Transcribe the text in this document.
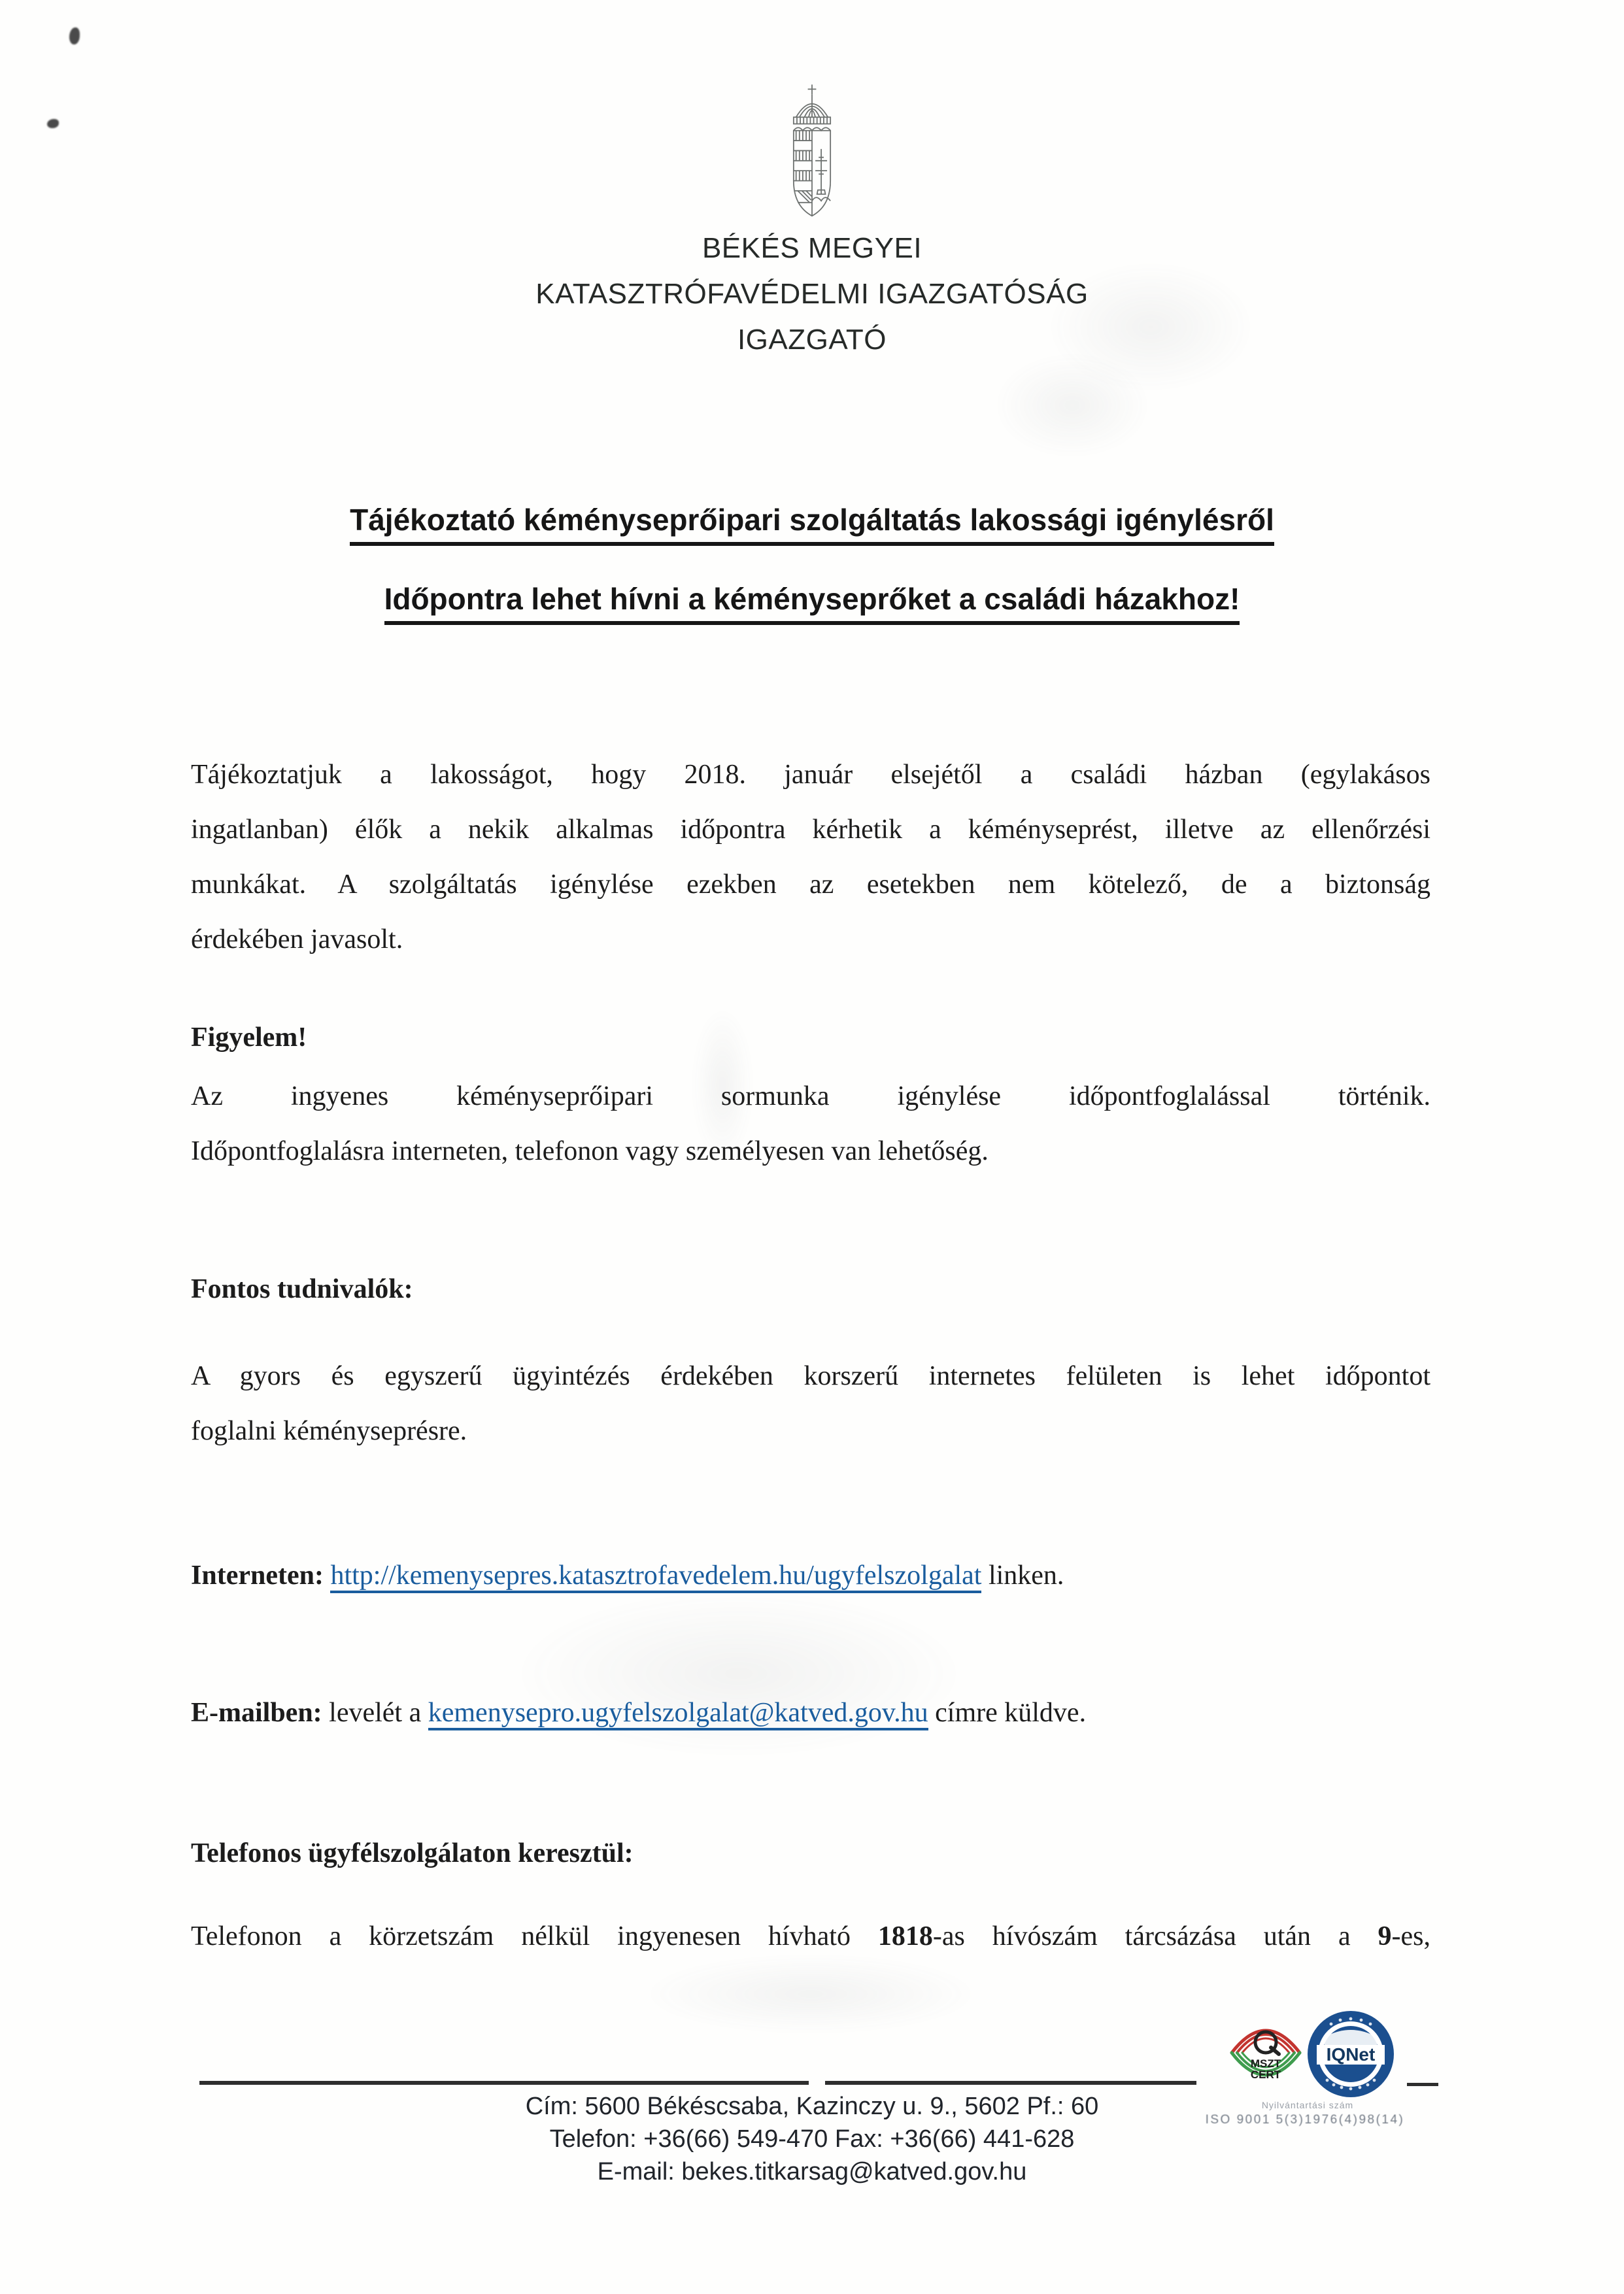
BÉKÉS MEGYEI
KATASZTRÓFAVÉDELMI IGAZGATÓSÁG
IGAZGATÓ
Tájékoztató kéményseprőipari szolgáltatás lakossági igénylésről
Időpontra lehet hívni a kéményseprőket a családi házakhoz!
Tájékoztatjuk a lakosságot, hogy 2018. január elsejétől a családi házban (egylakásos
ingatlanban) élők a nekik alkalmas időpontra kérhetik a kéményseprést, illetve az ellenőrzési
munkákat. A szolgáltatás igénylése ezekben az esetekben nem kötelező, de a biztonság
érdekében javasolt.
Figyelem!
Az ingyenes kéményseprőipari sormunka igénylése időpontfoglalással történik.
Időpontfoglalásra interneten, telefonon vagy személyesen van lehetőség.
Fontos tudnivalók:
A gyors és egyszerű ügyintézés érdekében korszerű internetes felületen is lehet időpontot
foglalni kéményseprésre.
Interneten: http://kemenysepres.katasztrofavedelem.hu/ugyfelszolgalat linken.
E-mailben: levelét a kemenysepro.ugyfelszolgalat@katved.gov.hu címre küldve.
Telefonos ügyfélszolgálaton keresztül:
Telefonon a körzetszám nélkül ingyenesen hívható 1818-as hívószám tárcsázása után a 9-es,
Cím: 5600 Békéscsaba, Kazinczy u. 9., 5602 Pf.: 60
Telefon: +36(66) 549-470 Fax: +36(66) 441-628
E-mail: bekes.titkarsag@katved.gov.hu
MSZT
CERT
IQNet
Nyilvántartási szám
ISO 9001 5(3)1976(4)98(14)
